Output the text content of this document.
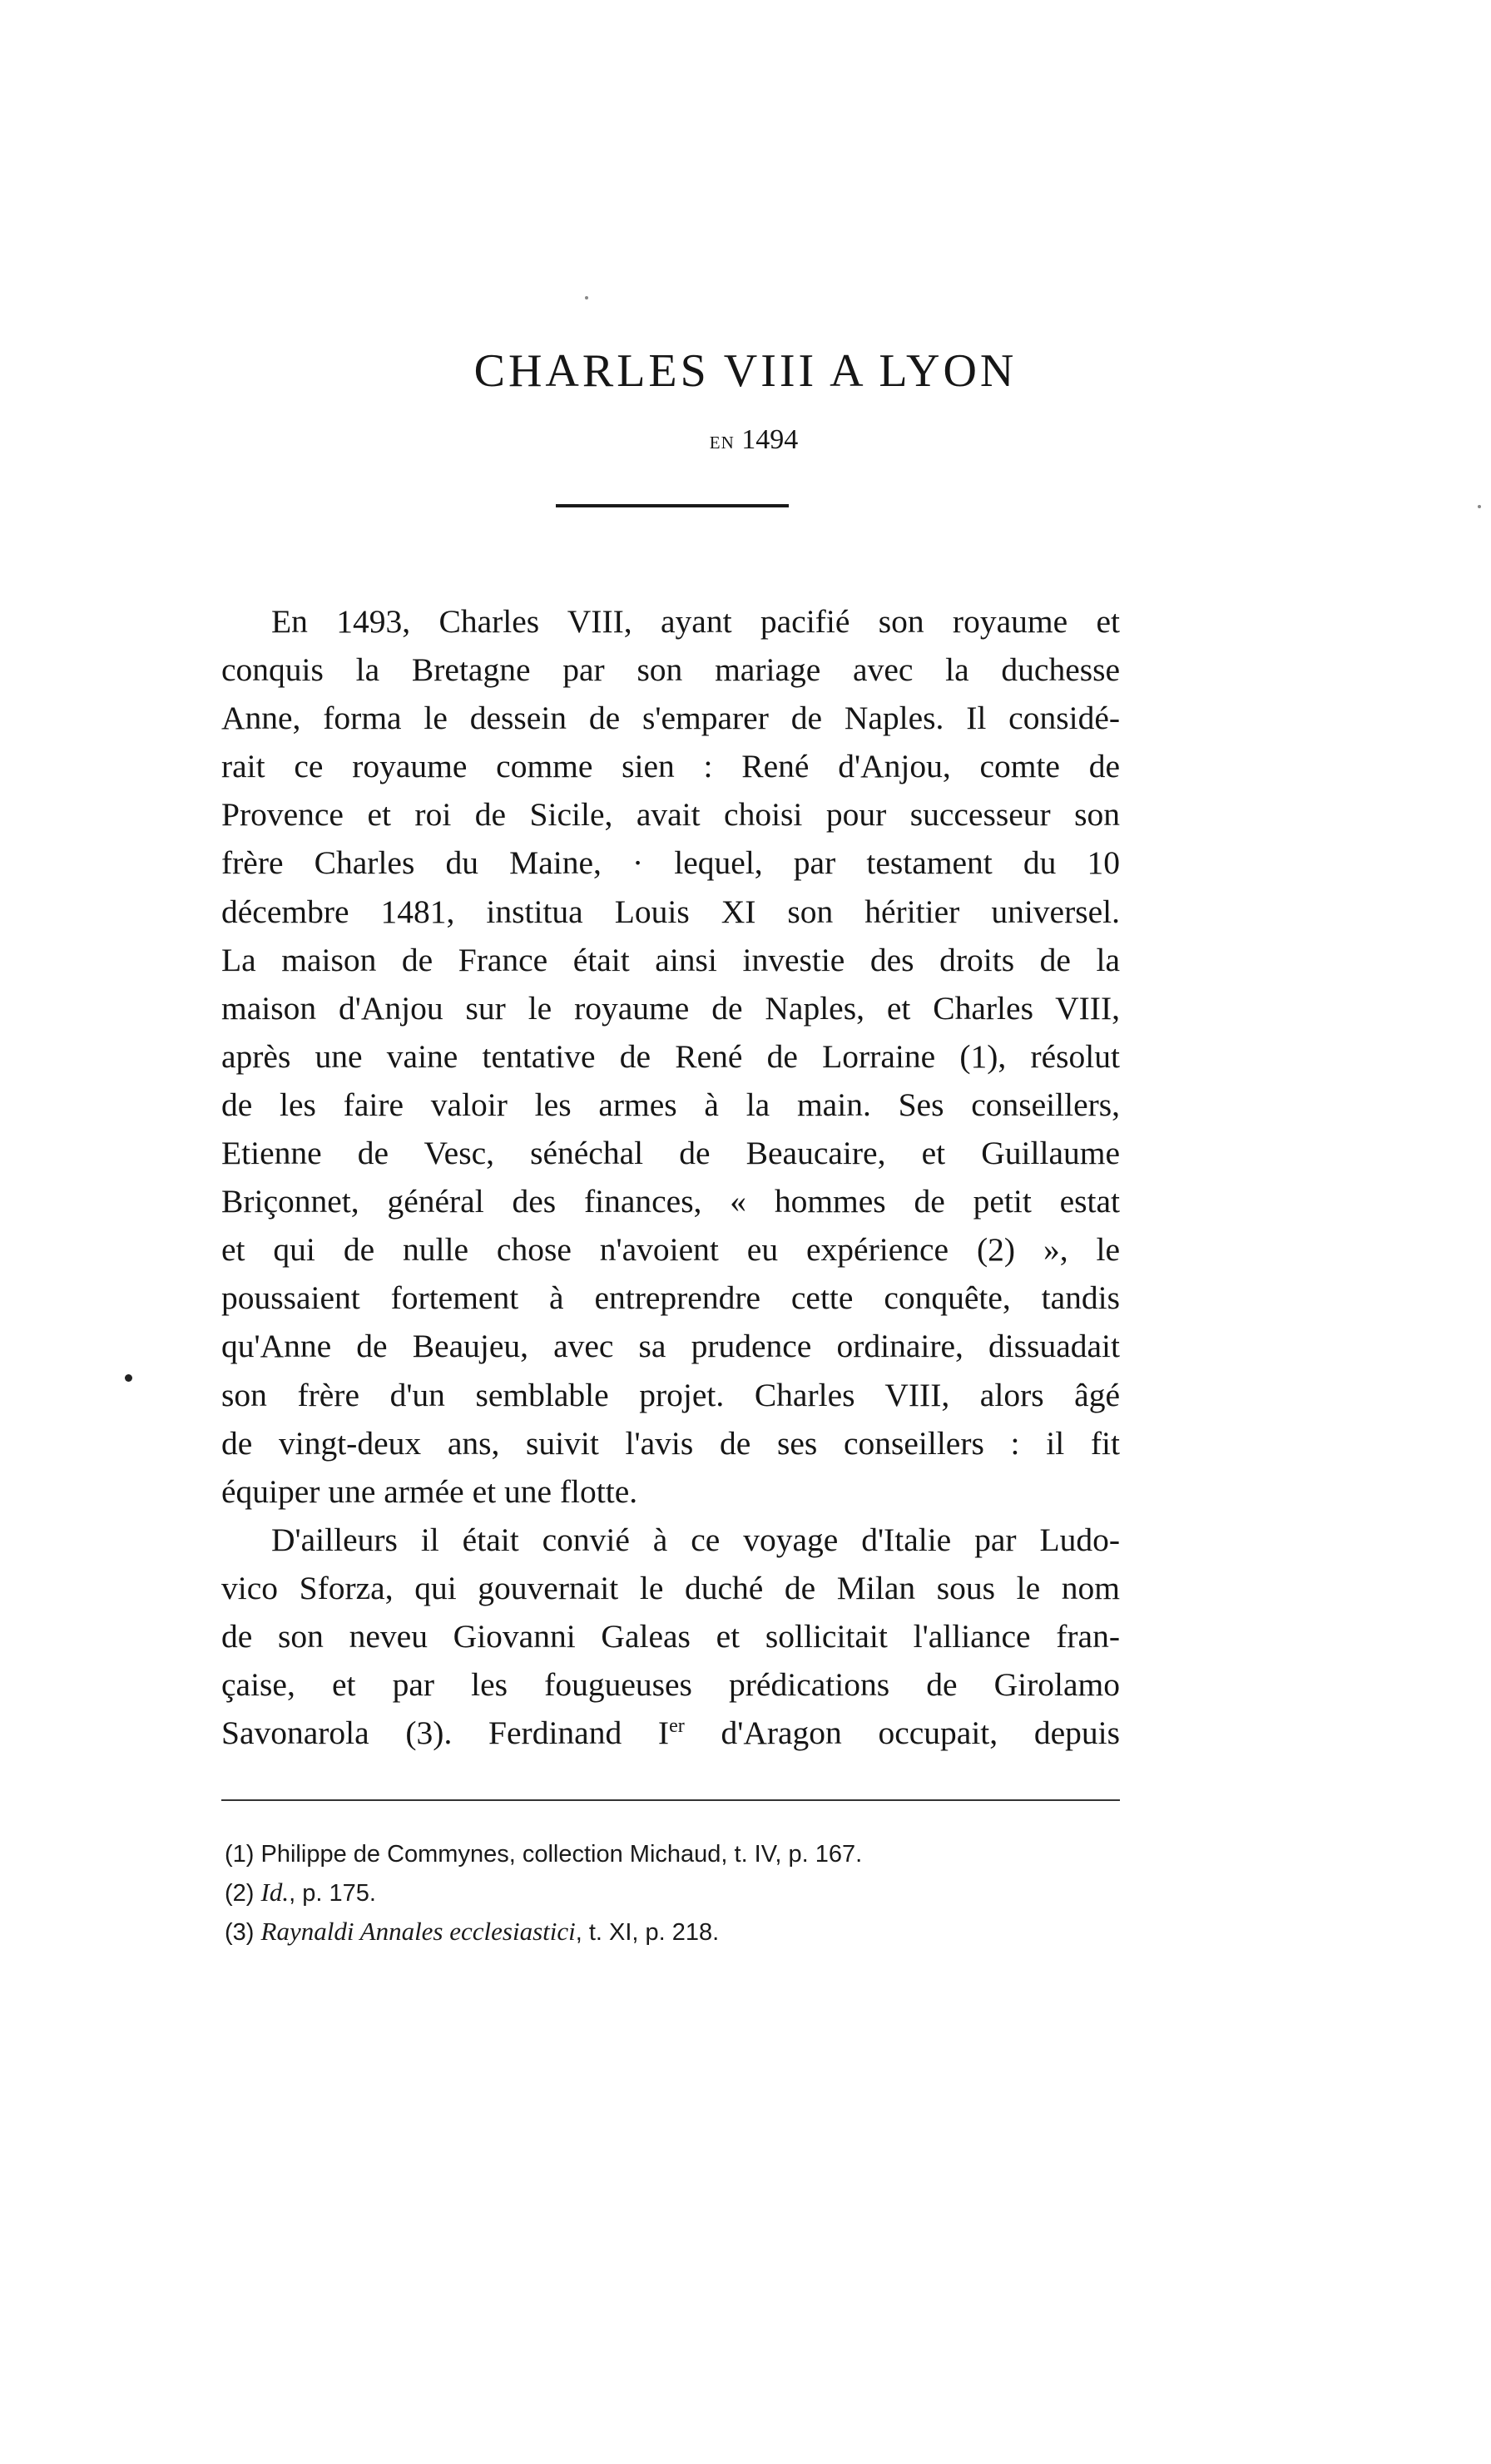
CHARLES VIII A LYON
en 1494
En 1493, Charles VIII, ayant pacifié son royaume et
conquis la Bretagne par son mariage avec la duchesse
Anne, forma le dessein de s'emparer de Naples. Il considé-
rait ce royaume comme sien : René d'Anjou, comte de
Provence et roi de Sicile, avait choisi pour successeur son
frère Charles du Maine, · lequel, par testament du 10
décembre 1481, institua Louis XI son héritier universel.
La maison de France était ainsi investie des droits de la
maison d'Anjou sur le royaume de Naples, et Charles VIII,
après une vaine tentative de René de Lorraine (1), résolut
de les faire valoir les armes à la main. Ses conseillers,
Etienne de Vesc, sénéchal de Beaucaire, et Guillaume
Briçonnet, général des finances, « hommes de petit estat
et qui de nulle chose n'avoient eu expérience (2) », le
poussaient fortement à entreprendre cette conquête, tandis
qu'Anne de Beaujeu, avec sa prudence ordinaire, dissuadait
son frère d'un semblable projet. Charles VIII, alors âgé
de vingt-deux ans, suivit l'avis de ses conseillers : il fit
équiper une armée et une flotte.
D'ailleurs il était convié à ce voyage d'Italie par Ludo-
vico Sforza, qui gouvernait le duché de Milan sous le nom
de son neveu Giovanni Galeas et sollicitait l'alliance fran-
çaise, et par les fougueuses prédications de Girolamo
Savonarola (3). Ferdinand Ier d'Aragon occupait, depuis
(1) Philippe de Commynes, collection Michaud, t. IV, p. 167.
(2) Id., p. 175.
(3) Raynaldi Annales ecclesiastici, t. XI, p. 218.
